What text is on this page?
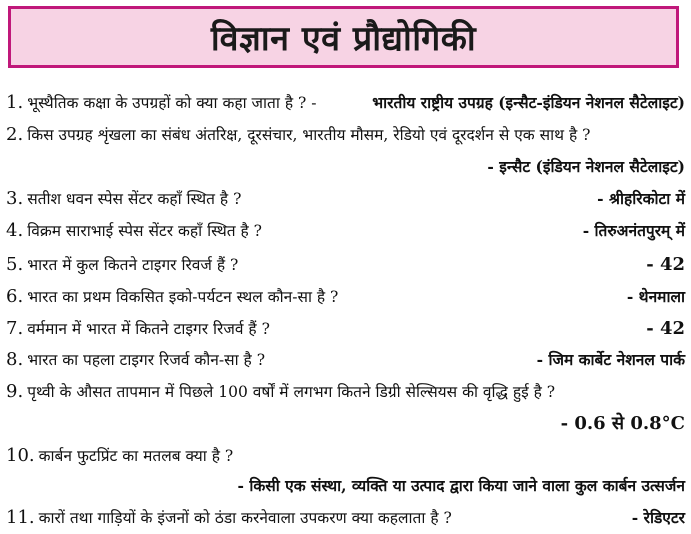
विज्ञान एवं प्रौद्योगिकी
1. भूस्थैतिक कक्षा के उपग्रहों को क्या कहा जाता है ? -	भारतीय राष्ट्रीय उपग्रह (इन्सैट-इंडियन नेशनल सैटेलाइट)
2. किस उपग्रह शृंखला का संबंध अंतरिक्ष, दूरसंचार, भारतीय मौसम, रेडियो एवं दूरदर्शन से एक साथ है ?
- इन्सैट (इंडियन नेशनल सैटेलाइट)
3. सतीश धवन स्पेस सेंटर कहाँ स्थित है ?	- श्रीहरिकोटा में
4. विक्रम साराभाई स्पेस सेंटर कहाँ स्थित है ?	- तिरुअनंतपुरम् में
5. भारत में कुल कितने टाइगर रिवर्ज हैं ?	- 42
6. भारत का प्रथम विकसित इको-पर्यटन स्थल कौन-सा है ?	- थेनमाला
7. वर्ममान में भारत में कितने टाइगर रिजर्व हैं ?	- 42
8. भारत का पहला टाइगर रिजर्व कौन-सा है ?	- जिम कार्बेट नेशनल पार्क
9. पृथ्वी के औसत तापमान में पिछले 100 वर्षों में लगभग कितने डिग्री सेल्सियस की वृद्धि हुई है ?
- 0.6 से 0.8°C
10. कार्बन फुटप्रिंट का मतलब क्या है ?
- किसी एक संस्था, व्यक्ति या उत्पाद द्वारा किया जाने वाला कुल कार्बन उत्सर्जन
11. कारों तथा गाड़ियों के इंजनों को ठंडा करनेवाला उपकरण क्या कहलाता है ?	- रेडिएटर
